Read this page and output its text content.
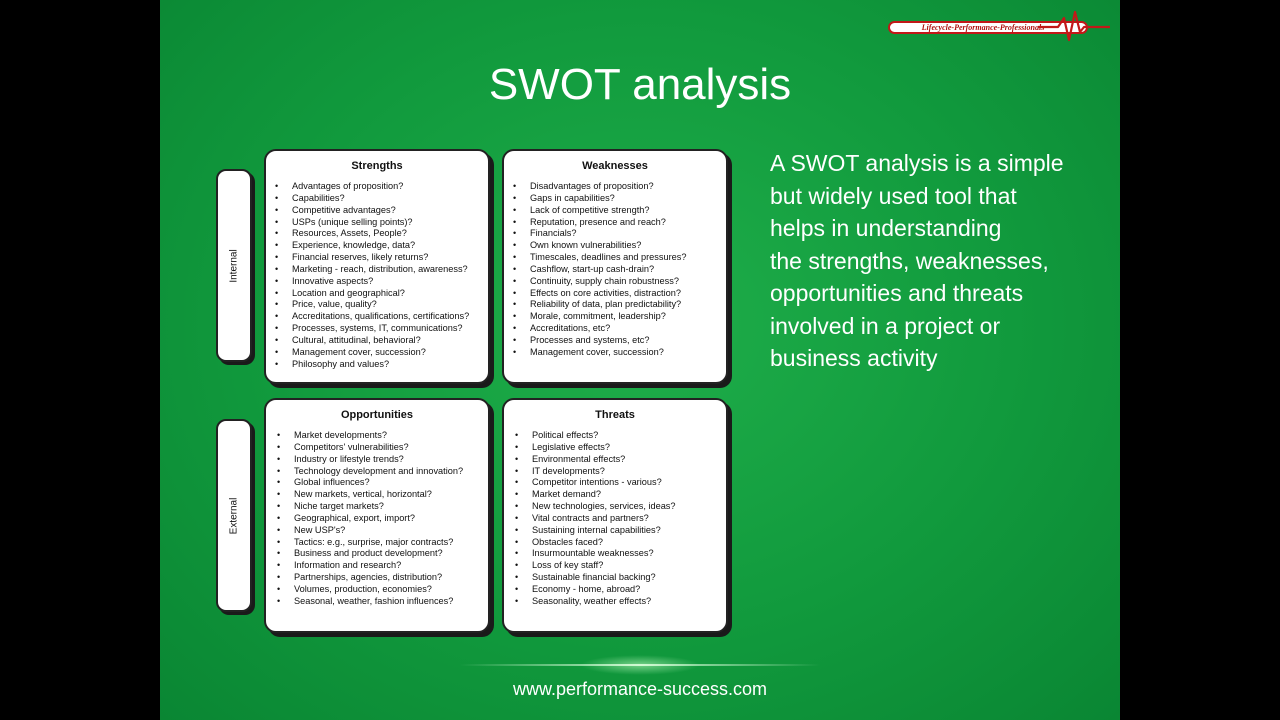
Lifecycle-Performance-Professionals
SWOT analysis

A SWOT analysis is a simple
but widely used tool that
helps in understanding
the strengths, weaknesses,
opportunities and threats
involved in a project or
business activity

Internal
External
Strengths
• Advantages of proposition?
• Capabilities?
• Competitive advantages?
• USPs (unique selling points)?
• Resources, Assets, People?
• Experience, knowledge, data?
• Financial reserves, likely returns?
• Marketing - reach, distribution, awareness?
• Innovative aspects?
• Location and geographical?
• Price, value, quality?
• Accreditations, qualifications, certifications?
• Processes, systems, IT, communications?
• Cultural, attitudinal, behavioral?
• Management cover, succession?
• Philosophy and values?
Weaknesses
• Disadvantages of proposition?
• Gaps in capabilities?
• Lack of competitive strength?
• Reputation, presence and reach?
• Financials?
• Own known vulnerabilities?
• Timescales, deadlines and pressures?
• Cashflow, start-up cash-drain?
• Continuity, supply chain robustness?
• Effects on core activities, distraction?
• Reliability of data, plan predictability?
• Morale, commitment, leadership?
• Accreditations, etc?
• Processes and systems, etc?
• Management cover, succession?
Opportunities
• Market developments?
• Competitors' vulnerabilities?
• Industry or lifestyle trends?
• Technology development and innovation?
• Global influences?
• New markets, vertical, horizontal?
• Niche target markets?
• Geographical, export, import?
• New USP's?
• Tactics: e.g., surprise, major contracts?
• Business and product development?
• Information and research?
• Partnerships, agencies, distribution?
• Volumes, production, economies?
• Seasonal, weather, fashion influences?
Threats
• Political effects?
• Legislative effects?
• Environmental effects?
• IT developments?
• Competitor intentions - various?
• Market demand?
• New technologies, services, ideas?
• Vital contracts and partners?
• Sustaining internal capabilities?
• Obstacles faced?
• Insurmountable weaknesses?
• Loss of key staff?
• Sustainable financial backing?
• Economy - home, abroad?
• Seasonality, weather effects?
www.performance-success.com
